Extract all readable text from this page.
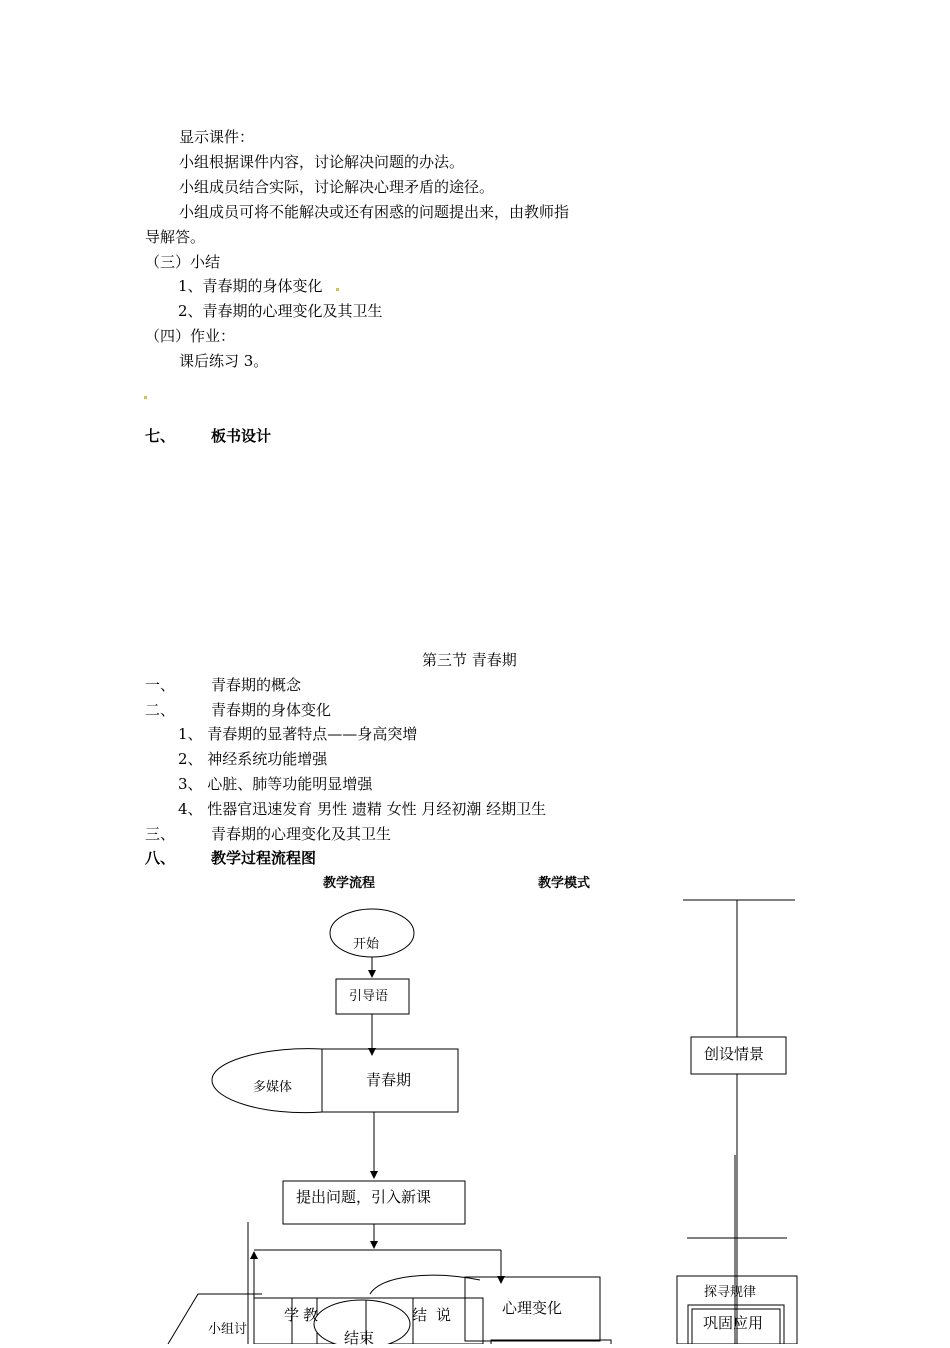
显示课件：
小组根据课件内容，讨论解决问题的办法。
小组成员结合实际，讨论解决心理矛盾的途径。
小组成员可将不能解决或还有困惑的问题提出来，由教师指
导解答。
（三）小结
1、青春期的身体变化
2、青春期的心理变化及其卫生
（四）作业：
课后练习 3。
七、 板书设计
第三节 青春期
一、 青春期的概念
二、 青春期的身体变化
1、 青春期的显著特点——身高突增
2、 神经系统功能增强
3、 心脏、肺等功能明显增强
4、 性器官迅速发育 男性 遗精 女性 月经初潮 经期卫生
三、 青春期的心理变化及其卫生
八、 教学过程流程图
教学流程	教学模式
开始
引导语
多媒体	青春期
提出问题，引入新课
小组讨
学 教
结束
结 说	心理变化
创设情景
探寻规律
巩固应用
